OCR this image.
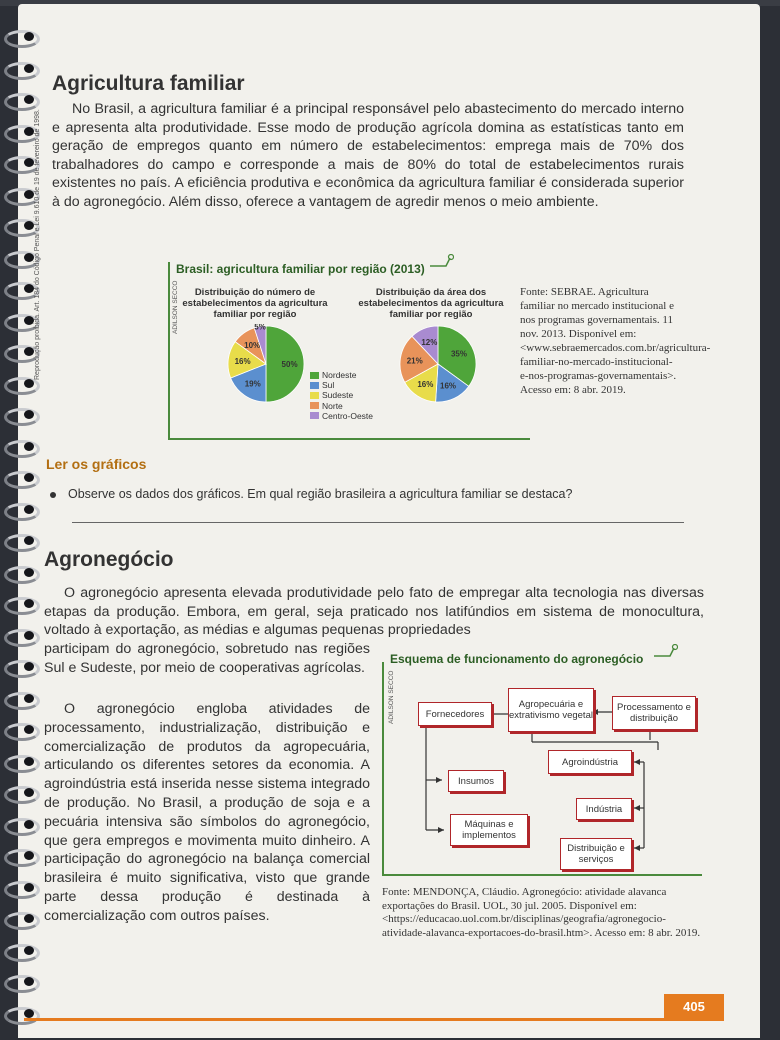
Reprodução proibida. Art. 184 do Código Penal e Lei 9.610 de 19 de fevereiro de 1998.
Agricultura familiar
No Brasil, a agricultura familiar é a principal responsável pelo abastecimento do mercado interno e apresenta alta produtividade. Esse modo de produção agrícola domina as estatísticas tanto em geração de empregos quanto em número de estabelecimentos: emprega mais de 70% dos trabalhadores do campo e corresponde a mais de 80% do total de estabelecimentos rurais existentes no país. A eficiência produtiva e econômica da agricultura familiar é considerada superior à do agronegócio. Além disso, oferece a vantagem de agredir menos o meio ambiente.
Brasil: agricultura familiar por região (2013)
ADILSON SECCO	Distribuição do número de estabelecimentos da agricultura familiar por região
Distribuição da área dos estabelecimentos da agricultura familiar por região
50%
19%
16%
10%
5%
35%
16%
16%
21%
12%
Nordeste
Sul
Sudeste
Norte
Centro-Oeste
Fonte: SEBRAE. Agricultura familiar no mercado institucional e nos programas governamentais. 11 nov. 2013. Disponível em: <www.sebraemercados.com.br/agricultura-familiar-no-mercado-institucional-e-nos-programas-governamentais>. Acesso em: 8 abr. 2019.
Ler os gráficos
Observe os dados dos gráficos. Em qual região brasileira a agricultura familiar se destaca?
Agronegócio
O agronegócio apresenta elevada produtividade pelo fato de empregar alta tecnologia nas diversas etapas da produção. Embora, em geral, seja praticado nos latifúndios em sistema de monocultura, voltado à exportação, as médias e algumas pequenas propriedades
participam do agronegócio, sobretudo nas regiões Sul e Sudeste, por meio de cooperativas agrícolas.
O agronegócio engloba atividades de processamento, industrialização, distribuição e comercialização de produtos da agropecuária, articulando os diferentes setores da economia. A agroindústria está inserida nesse sistema integrado de produção. No Brasil, a produção de soja e a pecuária intensiva são símbolos do agronegócio, que gera empregos e movimenta muito dinheiro. A participação do agronegócio na balança comercial brasileira é muito significativa, visto que grande parte dessa produção é destinada à comercialização com outros países.
Esquema de funcionamento do agronegócio
ADILSON SECCO	Fornecedores
Agropecuária e extrativismo vegetal
Processamento e distribuição
Agroindústria
Insumos
Indústria
Máquinas e implementos
Distribuição e serviços
Fonte: MENDONÇA, Cláudio. Agronegócio: atividade alavanca exportações do Brasil. UOL, 30 jul. 2005. Disponível em: <https://educacao.uol.com.br/disciplinas/geografia/agronegocio-atividade-alavanca-exportacoes-do-brasil.htm>. Acesso em: 8 abr. 2019.
405
